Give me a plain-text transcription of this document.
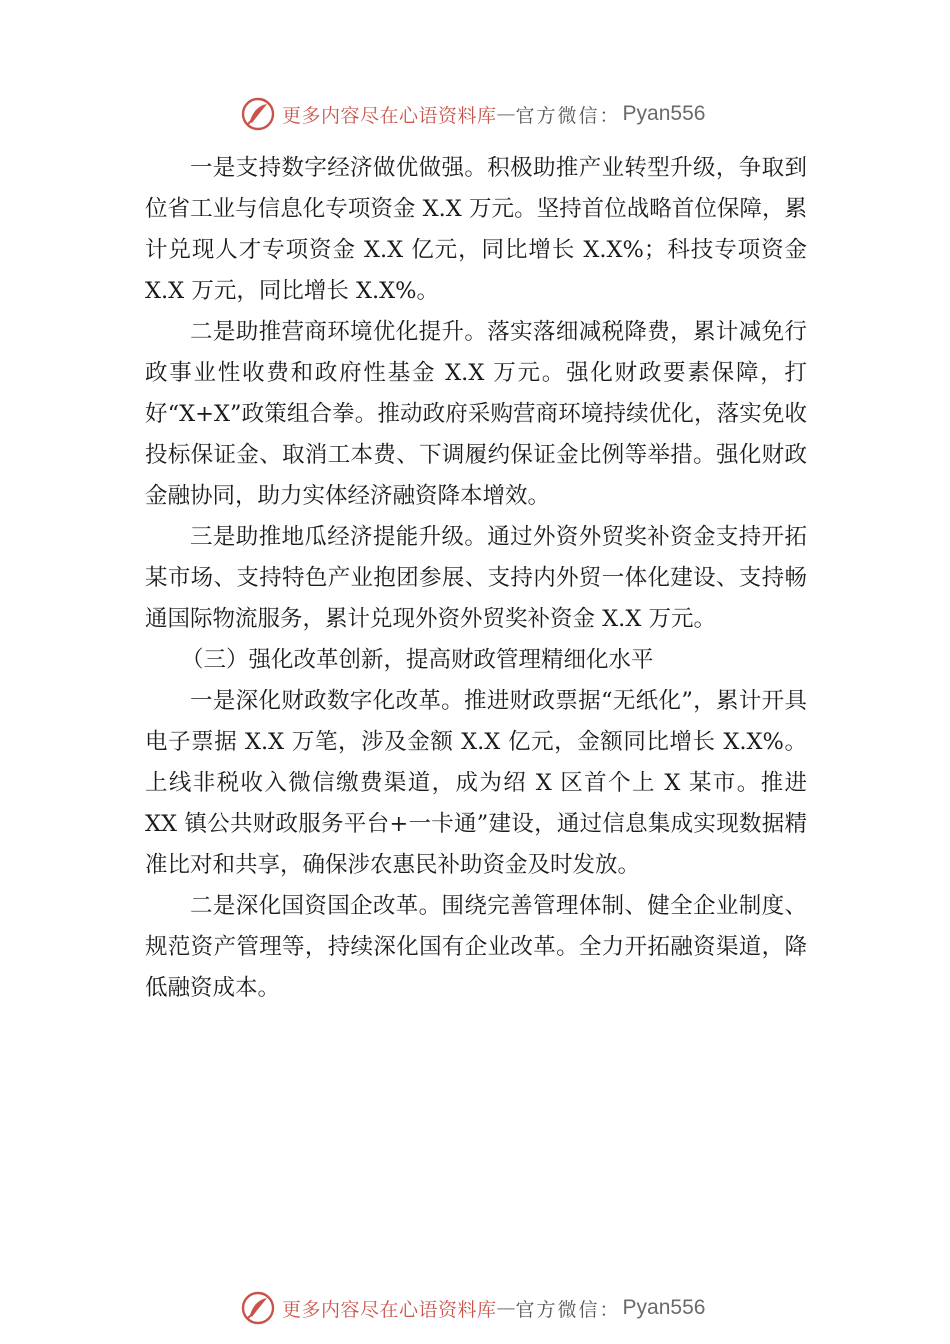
更多内容尽在心语资料库 — 官方微信： Pyan556

一是支持数字经济做优做强。积极助推产业转型升级，争取到位省工业与信息化专项资金 X.X 万元。坚持首位战略首位保障，累计兑现人才专项资金 X.X 亿元，同比增长 X.X%；科技专项资金 X.X 万元，同比增长 X.X%。

二是助推营商环境优化提升。落实落细减税降费，累计减免行政事业性收费和政府性基金 X.X 万元。强化财政要素保障，打好“X+X”政策组合拳。推动政府采购营商环境持续优化，落实免收投标保证金、取消工本费、下调履约保证金比例等举措。强化财政金融协同，助力实体经济融资降本增效。

三是助推地瓜经济提能升级。通过外资外贸奖补资金支持开拓某市场、支持特色产业抱团参展、支持内外贸一体化建设、支持畅通国际物流服务，累计兑现外资外贸奖补资金 X.X 万元。

（三）强化改革创新，提高财政管理精细化水平

一是深化财政数字化改革。推进财政票据“无纸化”，累计开具电子票据 X.X 万笔，涉及金额 X.X 亿元，金额同比增长 X.X%。上线非税收入微信缴费渠道，成为绍 X 区首个上 X 某市。推进 XX 镇公共财政服务平台+一卡通”建设，通过信息集成实现数据精准比对和共享，确保涉农惠民补助资金及时发放。

二是深化国资国企改革。围绕完善管理体制、健全企业制度、规范资产管理等，持续深化国有企业改革。全力开拓融资渠道，降低融资成本。

更多内容尽在心语资料库 — 官方微信： Pyan556
